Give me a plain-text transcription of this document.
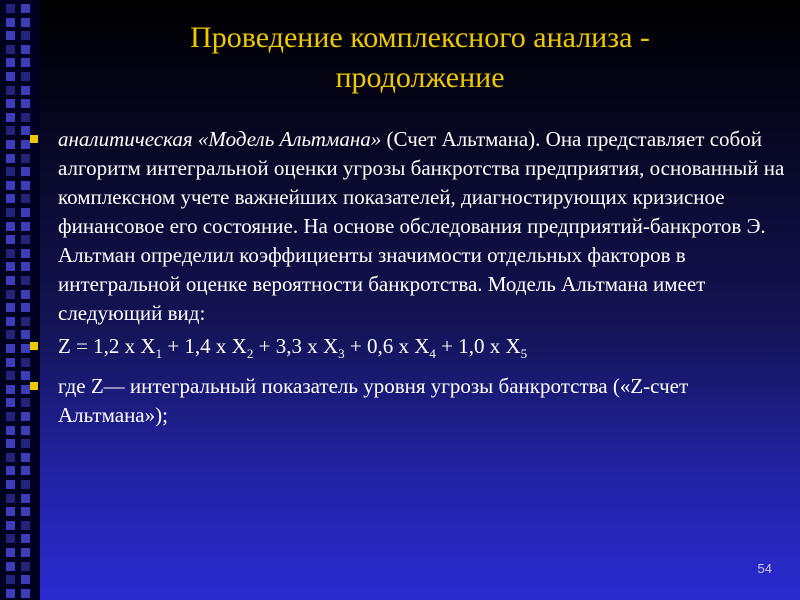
Проведение комплексного анализа -
продолжение
аналитическая «Модель Альтмана» (Счет Альтмана). Она представляет собой алгоритм интегральной оценки угрозы банкротства предприятия, основанный на комплексном учете важнейших показателей, диагностирующих кризисное финансовое его состояние. На основе обследования предприятий-банкротов Э. Альтман определил коэффициенты значимости отдельных факторов в интегральной оценке вероятности банкротства. Модель Альтмана имеет следующий вид:
Z = 1,2 х $X_1 + 1,4$ х $X_2 + 3,3$ х $X_3 + 0,6$ х $X_4 + 1,0$ х $X_5$
где Z— интегральный показатель уровня угрозы банкротства («Z-счет Альтмана»);
54
